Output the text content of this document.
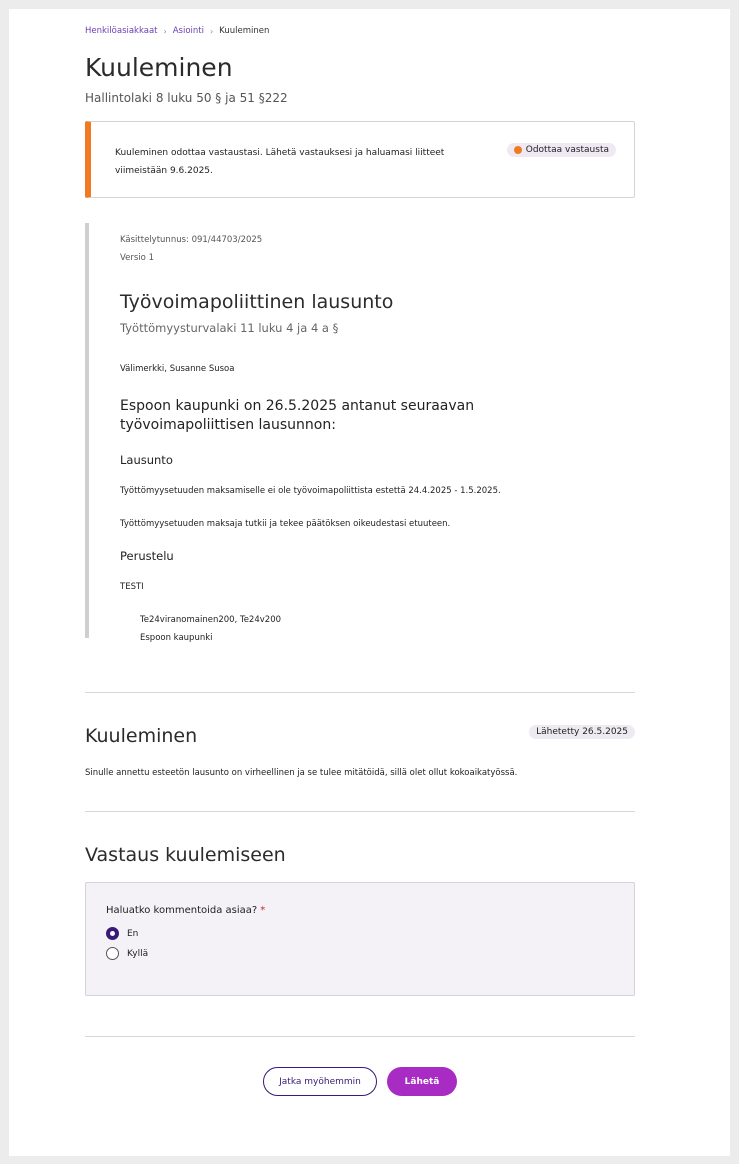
Henkilöasiakkaat › Asiointi › Kuuleminen
Kuuleminen
Hallintolaki 8 luku 50 § ja 51 §222
Kuuleminen odottaa vastaustasi. Lähetä vastauksesi ja haluamasi liitteet viimeistään 9.6.2025.
Odottaa vastausta
Käsittelytunnus: 091/44703/2025
Versio 1
Työvoimapoliittinen lausunto
Työttömyysturvalaki 11 luku 4 ja 4 a §
Välimerkki, Susanne Susoa
Espoon kaupunki on 26.5.2025 antanut seuraavan työvoimapoliittisen lausunnon:
Lausunto
Työttömyysetuuden maksamiselle ei ole työvoimapoliittista estettä 24.4.2025 - 1.5.2025.
Työttömyysetuuden maksaja tutkii ja tekee päätöksen oikeudestasi etuuteen.
Perustelu
TESTI
Te24viranomainen200, Te24v200
Espoon kaupunki
Kuuleminen	Lähetetty 26.5.2025
Sinulle annettu esteetön lausunto on virheellinen ja se tulee mitätöidä, sillä olet ollut kokoaikatyössä.
Vastaus kuulemiseen
Haluatko kommentoida asiaa? *
En
Kyllä
Jatka myöhemmin	Lähetä
